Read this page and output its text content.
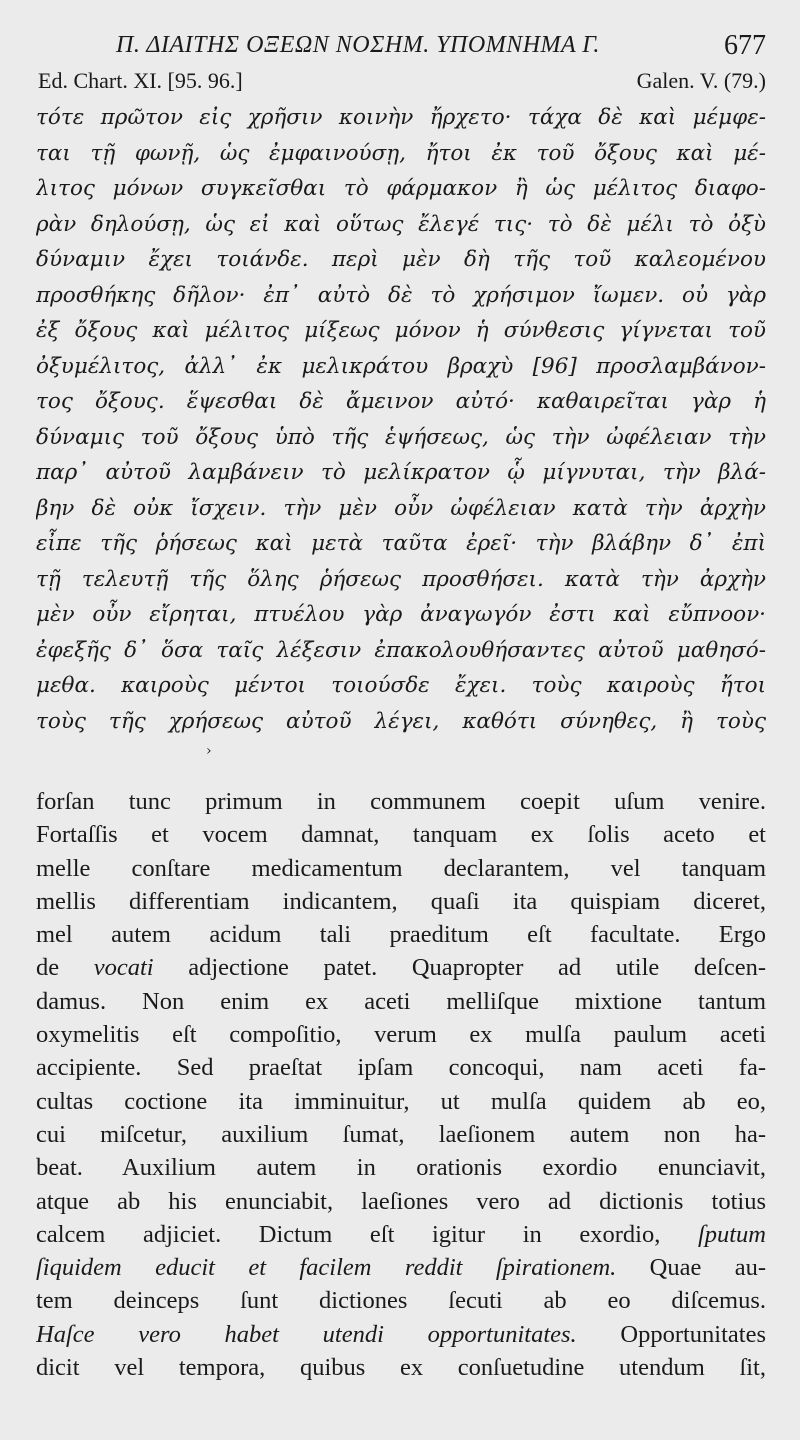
Π. ΔΙΑΙΤΗΣ ΟΞΕΩΝ ΝΟΣΗΜ. ΥΠΟΜΝΗΜΑ Γ.	677
Ed. Chart. XI. [95. 96.]	Galen. V. (79.)
τότε πρῶτον εἰς χρῆσιν κοινὴν ἤρχετο· τάχα δὲ καὶ μέμφε-
ται τῇ φωνῇ, ὡς ἐμφαινούσῃ, ἤτοι ἐκ τοῦ ὄξους καὶ μέ-
λιτος μόνων συγκεῖσθαι τὸ φάρμακον ἢ ὡς μέλιτος διαφο-
ρὰν δηλούσῃ, ὡς εἰ καὶ οὕτως ἔλεγέ τις· τὸ δὲ μέλι τὸ ὀξὺ
δύναμιν ἔχει τοιάνδε. περὶ μὲν δὴ τῆς τοῦ καλεομένου
προσθήκης δῆλον· ἐπ᾽ αὐτὸ δὲ τὸ χρήσιμον ἴωμεν. οὐ γὰρ
ἐξ ὄξους καὶ μέλιτος μίξεως μόνον ἡ σύνθεσις γίγνεται τοῦ
ὀξυμέλιτος, ἀλλ᾽ ἐκ μελικράτου βραχὺ [96] προσλαμβάνον-
τος ὄξους. ἕψεσθαι δὲ ἄμεινον αὐτό· καθαιρεῖται γὰρ ἡ
δύναμις τοῦ ὄξους ὑπὸ τῆς ἑψήσεως, ὡς τὴν ὠφέλειαν τὴν
παρ᾽ αὐτοῦ λαμβάνειν τὸ μελίκρατον ᾧ μίγνυται, τὴν βλά-
βην δὲ οὐκ ἴσχειν. τὴν μὲν οὖν ὠφέλειαν κατὰ τὴν ἀρχὴν
εἶπε τῆς ῥήσεως καὶ μετὰ ταῦτα ἐρεῖ· τὴν βλάβην δ᾽ ἐπὶ
τῇ τελευτῇ τῆς ὅλης ῥήσεως προσθήσει. κατὰ τὴν ἀρχὴν
μὲν οὖν εἴρηται, πτυέλου γὰρ ἀναγωγόν ἐστι καὶ εὔπνοον·
ἐφεξῆς δ᾽ ὅσα ταῖς λέξεσιν ἐπακολουθήσαντες αὐτοῦ μαθησό-
μεθα. καιροὺς μέντοι τοιούσδε ἔχει. τοὺς καιροὺς ἤτοι
τοὺς τῆς χρήσεως αὐτοῦ λέγει, καθότι σύνηθες, ἢ τοὺς
›
forſan tunc primum in communem coepit uſum venire.
Fortaſſis et vocem damnat, tanquam ex ſolis aceto et
melle conſtare medicamentum declarantem, vel tanquam
mellis differentiam indicantem, quaſi ita quispiam diceret,
mel autem acidum tali praeditum eſt facultate. Ergo
de vocati adjectione patet. Quapropter ad utile deſcen-
damus. Non enim ex aceti melliſque mixtione tantum
oxymelitis eſt compoſitio, verum ex mulſa paulum aceti
accipiente. Sed praeſtat ipſam concoqui, nam aceti fa-
cultas coctione ita imminuitur, ut mulſa quidem ab eo,
cui miſcetur, auxilium ſumat, laeſionem autem non ha-
beat. Auxilium autem in orationis exordio enunciavit,
atque ab his enunciabit, laeſiones vero ad dictionis totius
calcem adjiciet. Dictum eſt igitur in exordio, ſputum
ſiquidem educit et facilem reddit ſpirationem. Quae au-
tem deinceps ſunt dictiones ſecuti ab eo diſcemus.
Haſce vero habet utendi opportunitates. Opportunitates
dicit vel tempora, quibus ex conſuetudine utendum ſit,
